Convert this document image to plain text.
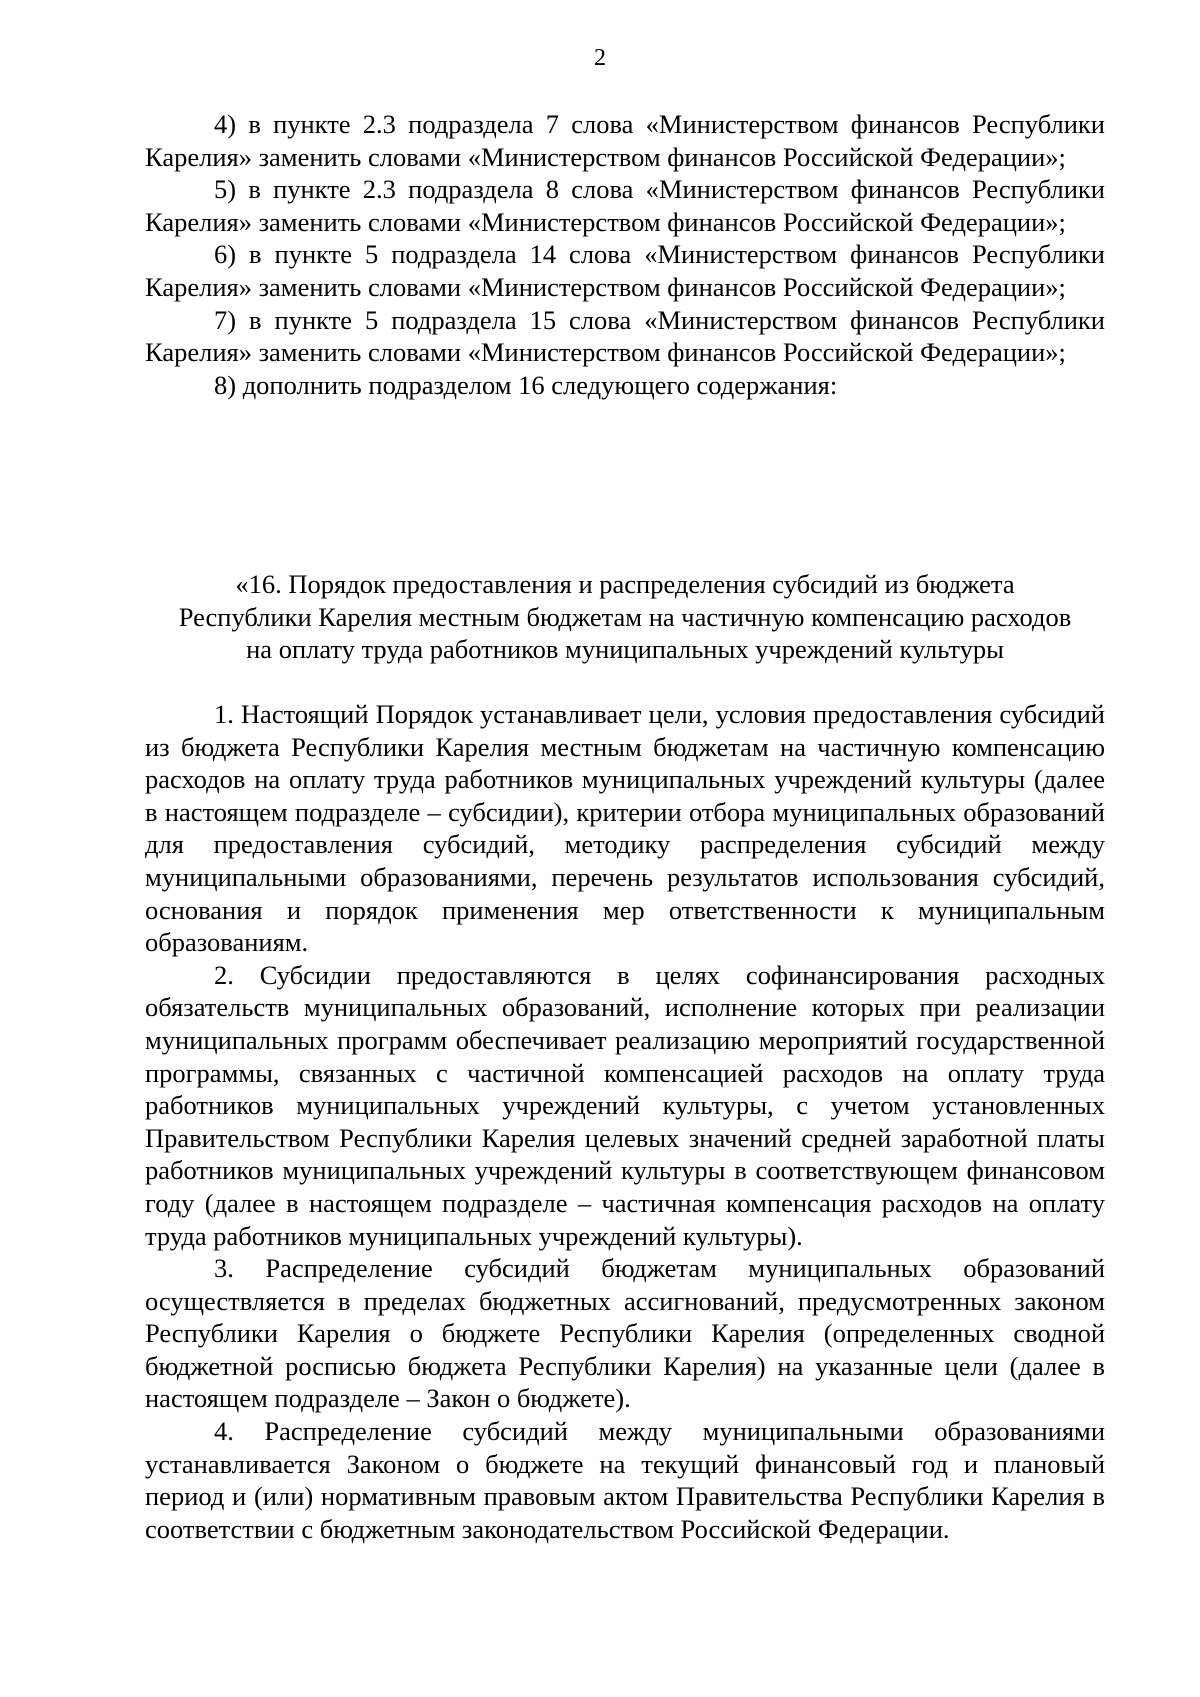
2

4) в пункте 2.3 подраздела 7 слова «Министерством финансов Республики Карелия» заменить словами «Министерством финансов Российской Федерации»;

5) в пункте 2.3 подраздела 8 слова «Министерством финансов Республики Карелия» заменить словами «Министерством финансов Российской Федерации»;

6) в пункте 5 подраздела 14 слова «Министерством финансов Республики Карелия» заменить словами «Министерством финансов Российской Федерации»;

7) в пункте 5 подраздела 15 слова «Министерством финансов Республики Карелия» заменить словами «Министерством финансов Российской Федерации»;

8) дополнить подразделом 16 следующего содержания:

«16. Порядок предоставления и распределения субсидий из бюджета
Республики Карелия местным бюджетам на частичную компенсацию расходов
на оплату труда работников муниципальных учреждений культуры

1. Настоящий Порядок устанавливает цели, условия предоставления субсидий из бюджета Республики Карелия местным бюджетам на частичную компенсацию расходов на оплату труда работников муниципальных учреждений культуры (далее в настоящем подразделе – субсидии), критерии отбора муниципальных образований для предоставления субсидий, методику распределения субсидий между муниципальными образованиями, перечень результатов использования субсидий, основания и порядок применения мер ответственности к муниципальным образованиям.

2. Субсидии предоставляются в целях софинансирования расходных обязательств муниципальных образований, исполнение которых при реализации муниципальных программ обеспечивает реализацию мероприятий государственной программы, связанных с частичной компенсацией расходов на оплату труда работников муниципальных учреждений культуры, с учетом установленных Правительством Республики Карелия целевых значений средней заработной платы работников муниципальных учреждений культуры в соответствующем финансовом году (далее в настоящем подразделе – частичная компенсация расходов на оплату труда работников муниципальных учреждений культуры).

3. Распределение субсидий бюджетам муниципальных образований осуществляется в пределах бюджетных ассигнований, предусмотренных законом Республики Карелия о бюджете Республики Карелия (определенных сводной бюджетной росписью бюджета Республики Карелия) на указанные цели (далее в настоящем подразделе – Закон о бюджете).

4. Распределение субсидий между муниципальными образованиями устанавливается Законом о бюджете на текущий финансовый год и плановый период и (или) нормативным правовым актом Правительства Республики Карелия в соответствии с бюджетным законодательством Российской Федерации.
